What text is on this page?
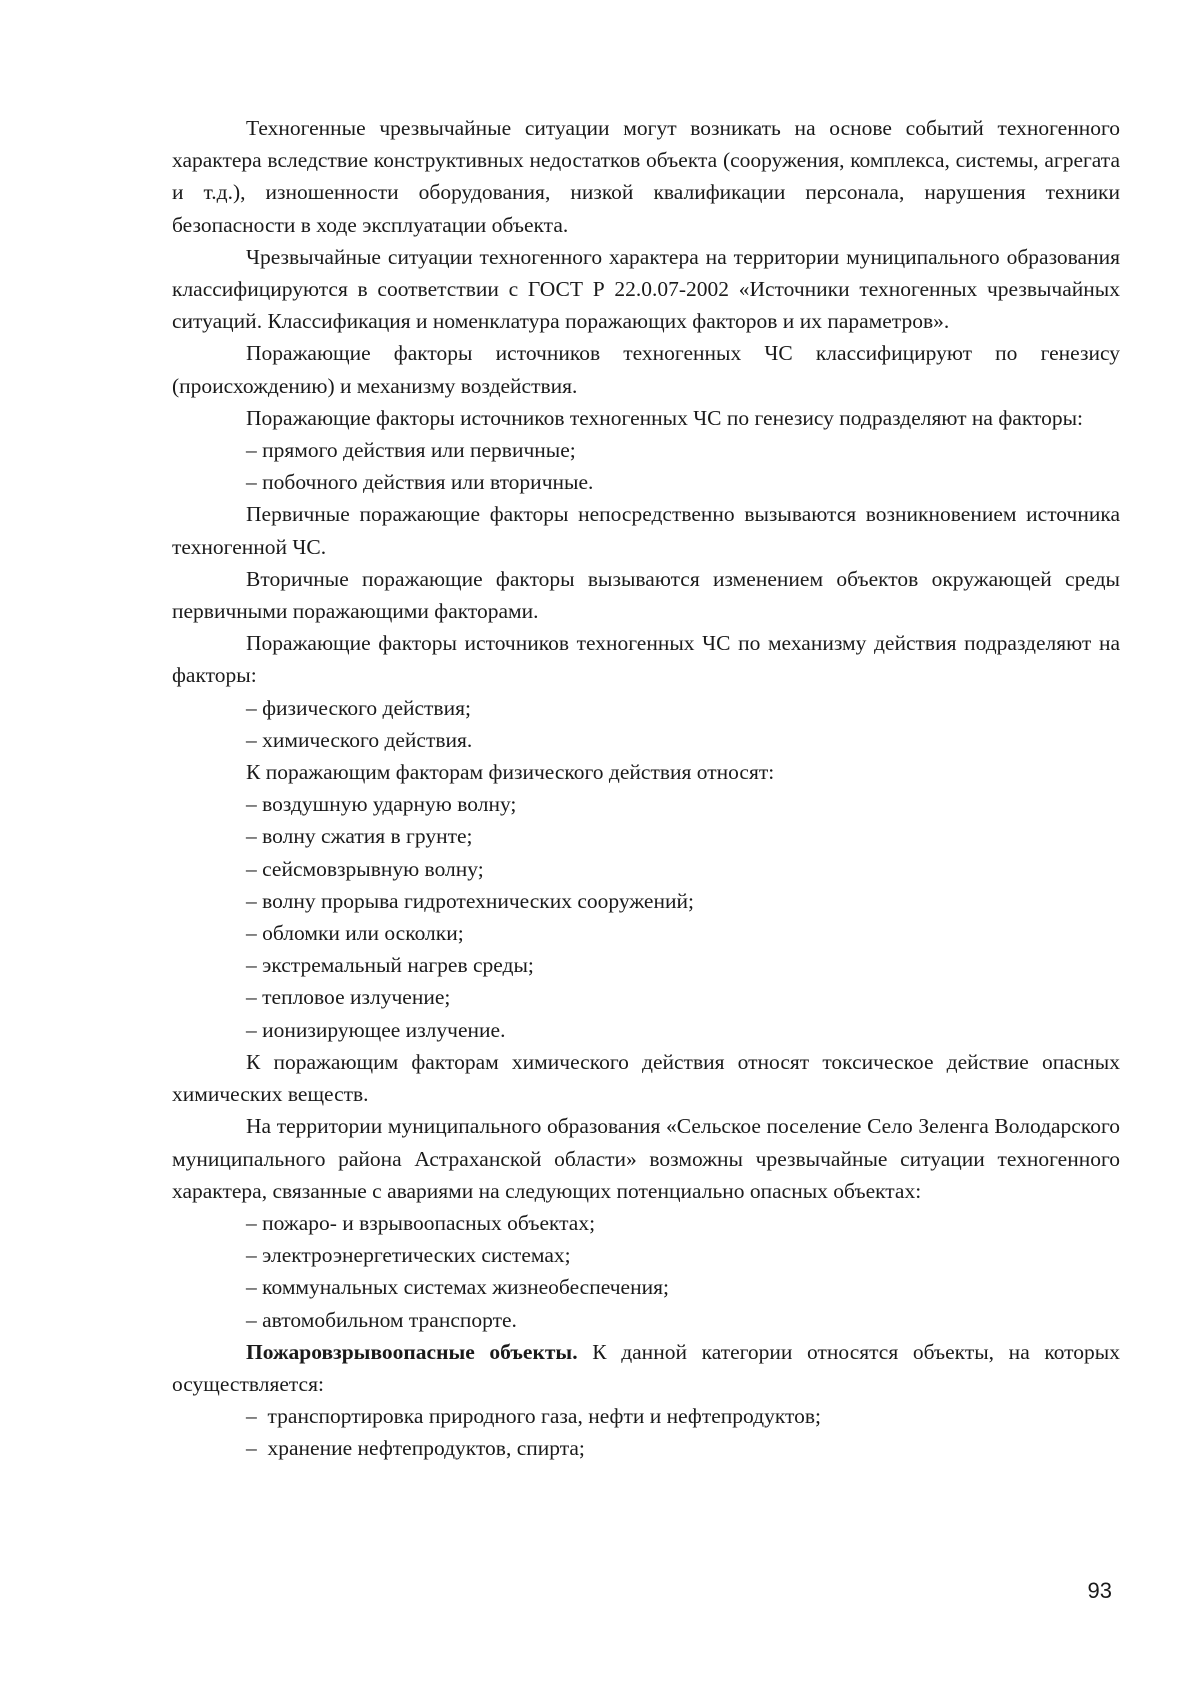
Техногенные чрезвычайные ситуации могут возникать на основе событий техногенного характера вследствие конструктивных недостатков объекта (сооружения, комплекса, системы, агрегата и т.д.), изношенности оборудования, низкой квалификации персонала, нарушения техники безопасности в ходе эксплуатации объекта.

Чрезвычайные ситуации техногенного характера на территории муниципального образования классифицируются в соответствии с ГОСТ Р 22.0.07-2002 «Источники техногенных чрезвычайных ситуаций. Классификация и номенклатура поражающих факторов и их параметров».

Поражающие факторы источников техногенных ЧС классифицируют по генезису (происхождению) и механизму воздействия.

Поражающие факторы источников техногенных ЧС по генезису подразделяют на факторы:

– прямого действия или первичные;

– побочного действия или вторичные.

Первичные поражающие факторы непосредственно вызываются возникновением источника техногенной ЧС.

Вторичные поражающие факторы вызываются изменением объектов окружающей среды первичными поражающими факторами.

Поражающие факторы источников техногенных ЧС по механизму действия подразделяют на факторы:

– физического действия;

– химического действия.

К поражающим факторам физического действия относят:

– воздушную ударную волну;

– волну сжатия в грунте;

– сейсмовзрывную волну;

– волну прорыва гидротехнических сооружений;

– обломки или осколки;

– экстремальный нагрев среды;

– тепловое излучение;

– ионизирующее излучение.

К поражающим факторам химического действия относят токсическое действие опасных химических веществ.

На территории муниципального образования «Сельское поселение Село Зеленга Володарского муниципального района Астраханской области» возможны чрезвычайные ситуации техногенного характера, связанные с авариями на следующих потенциально опасных объектах:

– пожаро- и взрывоопасных объектах;

– электроэнергетических системах;

– коммунальных системах жизнеобеспечения;

– автомобильном транспорте.

Пожаровзрывоопасные объекты. К данной категории относятся объекты, на которых осуществляется:

–  транспортировка природного газа, нефти и нефтепродуктов;

–  хранение нефтепродуктов, спирта;

93
